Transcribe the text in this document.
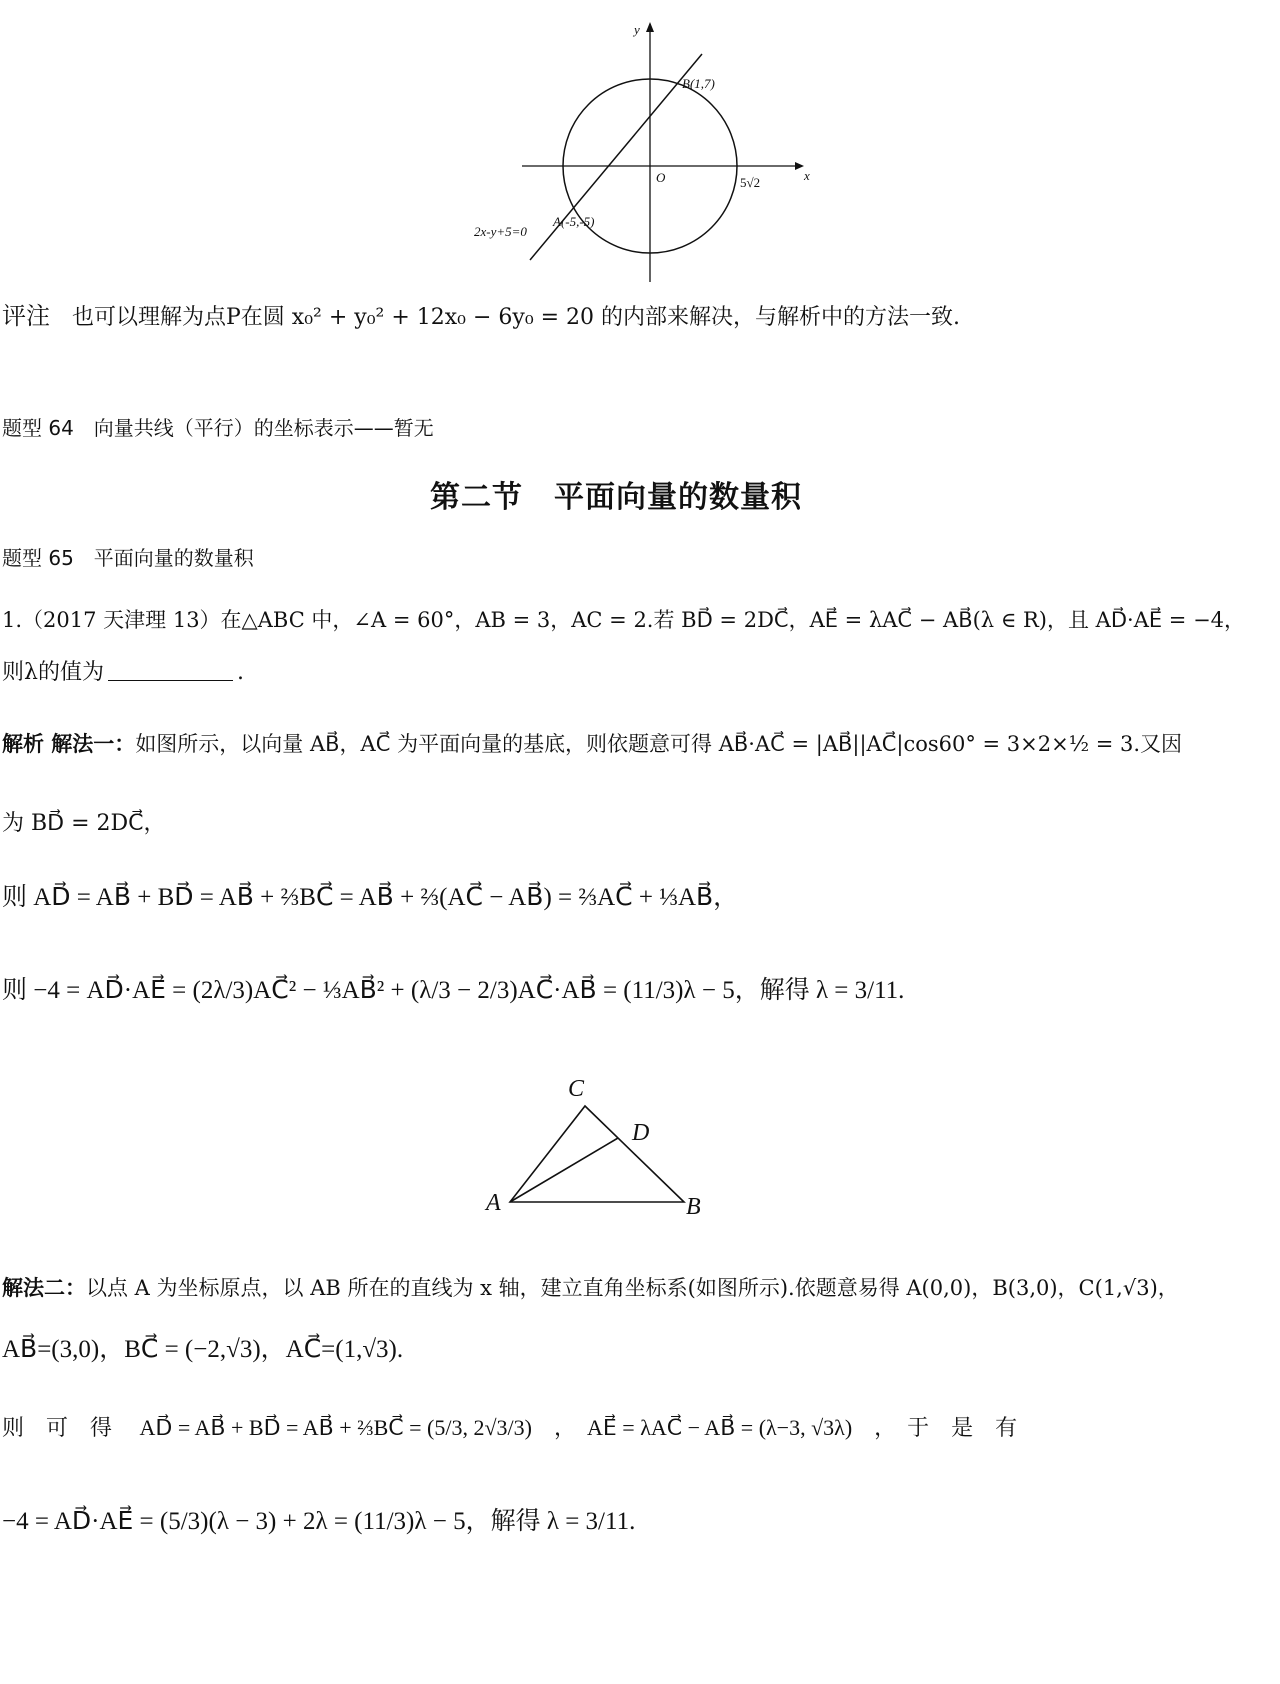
y
x
O
B(1,7)
A(-5,-5)
5√2
2x-y+5=0
评注 也可以理解为点P在圆 x₀² + y₀² + 12x₀ − 6y₀ = 20 的内部来解决，与解析中的方法一致.
题型 64　向量共线（平行）的坐标表示——暂无
第二节　平面向量的数量积
题型 65　平面向量的数量积
1.（2017 天津理 13）在△ABC 中，∠A = 60°，AB = 3，AC = 2.若 BD⃗ = 2DC⃗，AE⃗ = λAC⃗ − AB⃗(λ ∈ R)，且 AD⃗·AE⃗ = −4，
则λ的值为	.
解析 解法一：如图所示，以向量 AB⃗，AC⃗ 为平面向量的基底，则依题意可得 AB⃗·AC⃗ = |AB⃗||AC⃗|cos60° = 3×2×½ = 3.又因
为 BD⃗ = 2DC⃗，
则 AD⃗ = AB⃗ + BD⃗ = AB⃗ + ⅔BC⃗ = AB⃗ + ⅔(AC⃗ − AB⃗) = ⅔AC⃗ + ⅓AB⃗，
则 −4 = AD⃗·AE⃗ = (2λ/3)AC⃗² − ⅓AB⃗² + (λ/3 − 2/3)AC⃗·AB⃗ = (11/3)λ − 5，解得 λ = 3/11.
A	B
C
D
解法二：以点 A 为坐标原点，以 AB 所在的直线为 x 轴，建立直角坐标系(如图所示).依题意易得 A(0,0)，B(3,0)，C(1,√3)，
AB⃗=(3,0)，BC⃗ = (−2,√3)，AC⃗=(1,√3).
则　可　得　 AD⃗ = AB⃗ + BD⃗ = AB⃗ + ⅔BC⃗ = (5/3, 2√3/3)　，　AE⃗ = λAC⃗ − AB⃗ = (λ−3, √3λ)　，　于　是　有
−4 = AD⃗·AE⃗ = (5/3)(λ − 3) + 2λ = (11/3)λ − 5，解得 λ = 3/11.
